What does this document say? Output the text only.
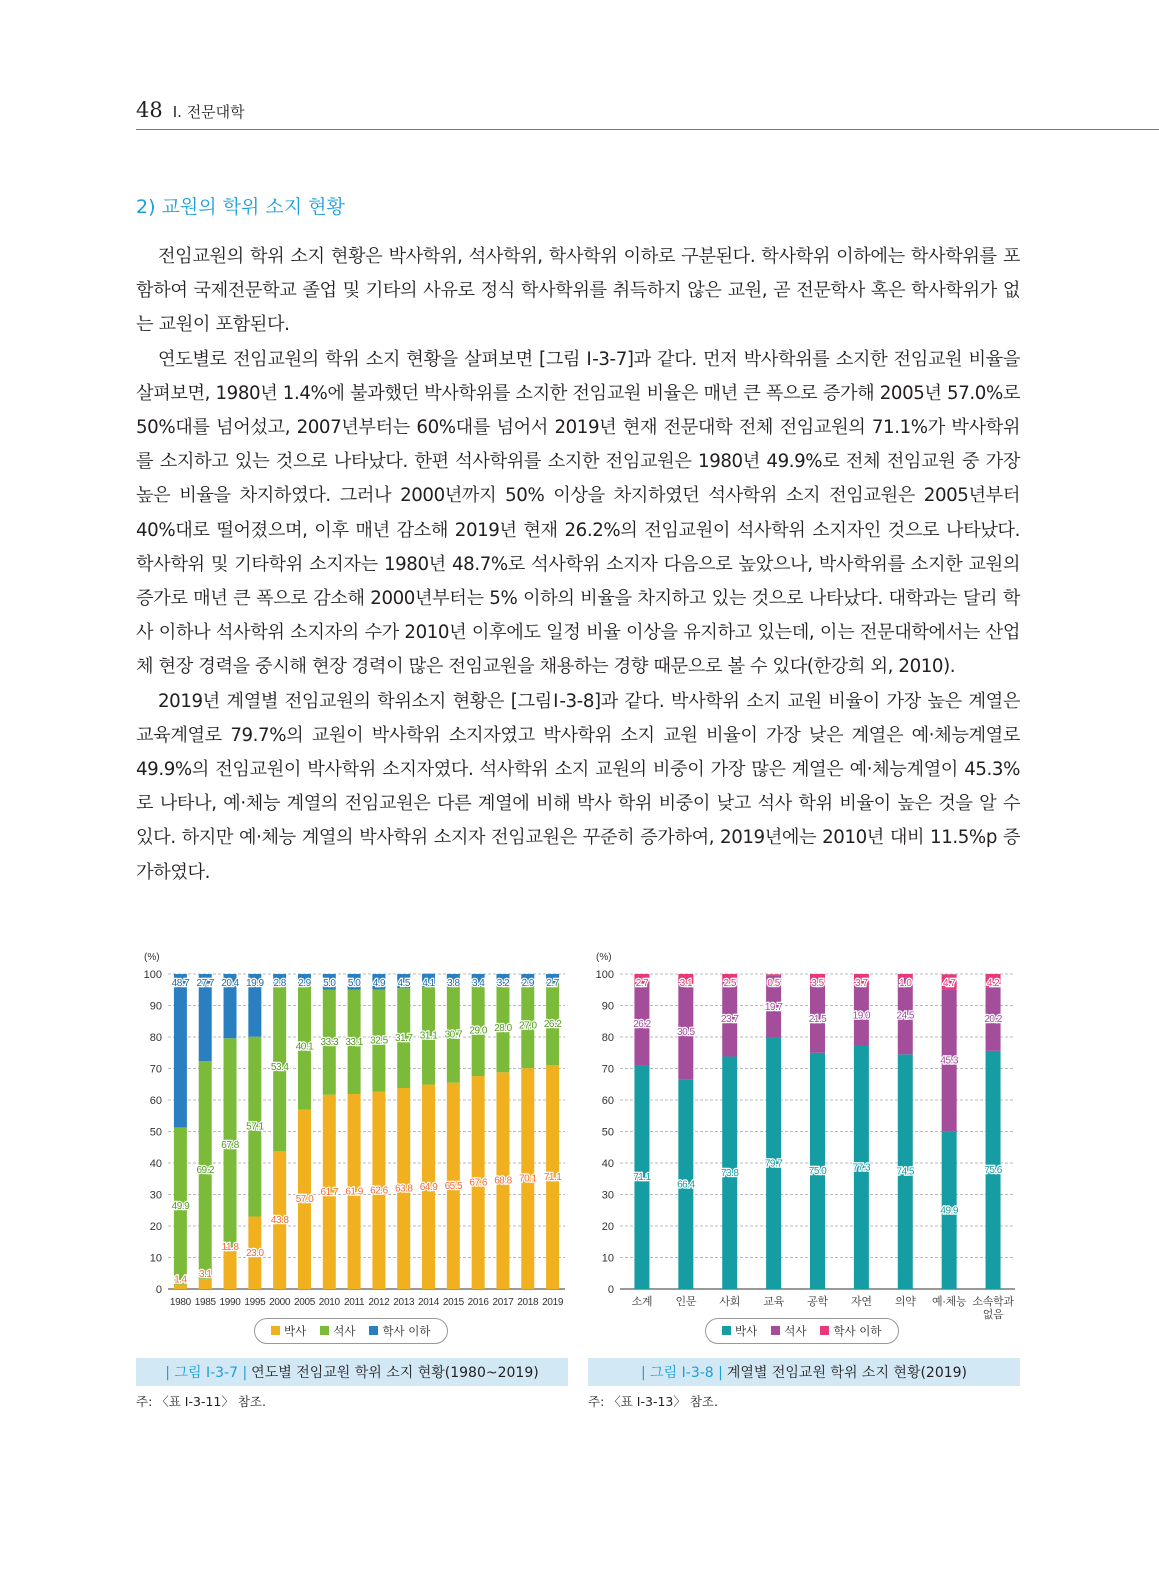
48 Ⅰ. 전문대학
2) 교원의 학위 소지 현황

전임교원의 학위 소지 현황은 박사학위, 석사학위, 학사학위 이하로 구분된다. 학사학위 이하에는 학사학위를 포함하여 국제전문학교 졸업 및 기타의 사유로 정식 학사학위를 취득하지 않은 교원, 곧 전문학사 혹은 학사학위가 없는 교원이 포함된다.

연도별로 전임교원의 학위 소지 현황을 살펴보면 [그림 Ⅰ-3-7]과 같다. 먼저 박사학위를 소지한 전임교원 비율을 살펴보면, 1980년 1.4%에 불과했던 박사학위를 소지한 전임교원 비율은 매년 큰 폭으로 증가해 2005년 57.0%로 50%대를 넘어섰고, 2007년부터는 60%대를 넘어서 2019년 현재 전문대학 전체 전임교원의 71.1%가 박사학위를 소지하고 있는 것으로 나타났다. 한편 석사학위를 소지한 전임교원은 1980년 49.9%로 전체 전임교원 중 가장 높은 비율을 차지하였다. 그러나 2000년까지 50% 이상을 차지하였던 석사학위 소지 전임교원은 2005년부터 40%대로 떨어졌으며, 이후 매년 감소해 2019년 현재 26.2%의 전임교원이 석사학위 소지자인 것으로 나타났다. 학사학위 및 기타학위 소지자는 1980년 48.7%로 석사학위 소지자 다음으로 높았으나, 박사학위를 소지한 교원의 증가로 매년 큰 폭으로 감소해 2000년부터는 5% 이하의 비율을 차지하고 있는 것으로 나타났다. 대학과는 달리 학사 이하나 석사학위 소지자의 수가 2010년 이후에도 일정 비율 이상을 유지하고 있는데, 이는 전문대학에서는 산업체 현장 경력을 중시해 현장 경력이 많은 전임교원을 채용하는 경향 때문으로 볼 수 있다(한강희 외, 2010).

2019년 계열별 전임교원의 학위소지 현황은 [그림Ⅰ-3-8]과 같다. 박사학위 소지 교원 비율이 가장 높은 계열은 교육계열로 79.7%의 교원이 박사학위 소지자였고 박사학위 소지 교원 비율이 가장 낮은 계열은 예·체능계열로 49.9%의 전임교원이 박사학위 소지자였다. 석사학위 소지 교원의 비중이 가장 많은 계열은 예·체능계열이 45.3%로 나타나, 예·체능 계열의 전임교원은 다른 계열에 비해 박사 학위 비중이 낮고 석사 학위 비율이 높은 것을 알 수 있다. 하지만 예·체능 계열의 박사학위 소지자 전임교원은 꾸준히 증가하여, 2019년에는 2010년 대비 11.5%p 증가하였다.

(%)
0
10
20
30
40
50
60
70
80
90
100
1980 1985 1990 1995 2000 2005 2010 2011 2012 2013 2014 2015 2016 2017 2018 2019
1.4
49.9
48.7
3.1
69.2
27.7
11.8
67.8
20.4
23.0
57.1
19.9
43.8
53.4
2.8
57.0
40.1
2.9
61.7
33.3
5.0
61.9
33.1
5.0
62.6
32.5
4.9
63.8
31.7
4.5
64.9
31.1
4.1
65.5
30.7
3.8
67.6
29.0
3.4
68.8
28.0
3.2
70.1
27.0
2.9
71.1
26.2
2.7
(%)
0
10
20
30
40
50
60
70
80
90
100
소계 인문 사회 교육 공학 자연 의약 예·체능 소속학과
없음
71.1
26.2
2.7
66.4
30.5
3.1
73.8
23.7
2.5
79.7
19.7
0.5
75.0
21.5
3.5
77.3
19.0
3.7
74.5
24.5
1.0
49.9
45.3
4.7
75.6
20.2
4.2
박사	석사	학사 이하	박사	석사	학사 이하
| 그림 Ⅰ-3-7 | 연도별 전임교원 학위 소지 현황(1980~2019)	| 그림 Ⅰ-3-8 | 계열별 전임교원 학위 소지 현황(2019)
주: 〈표 Ⅰ-3-11〉 참조.	주: 〈표 Ⅰ-3-13〉 참조.
